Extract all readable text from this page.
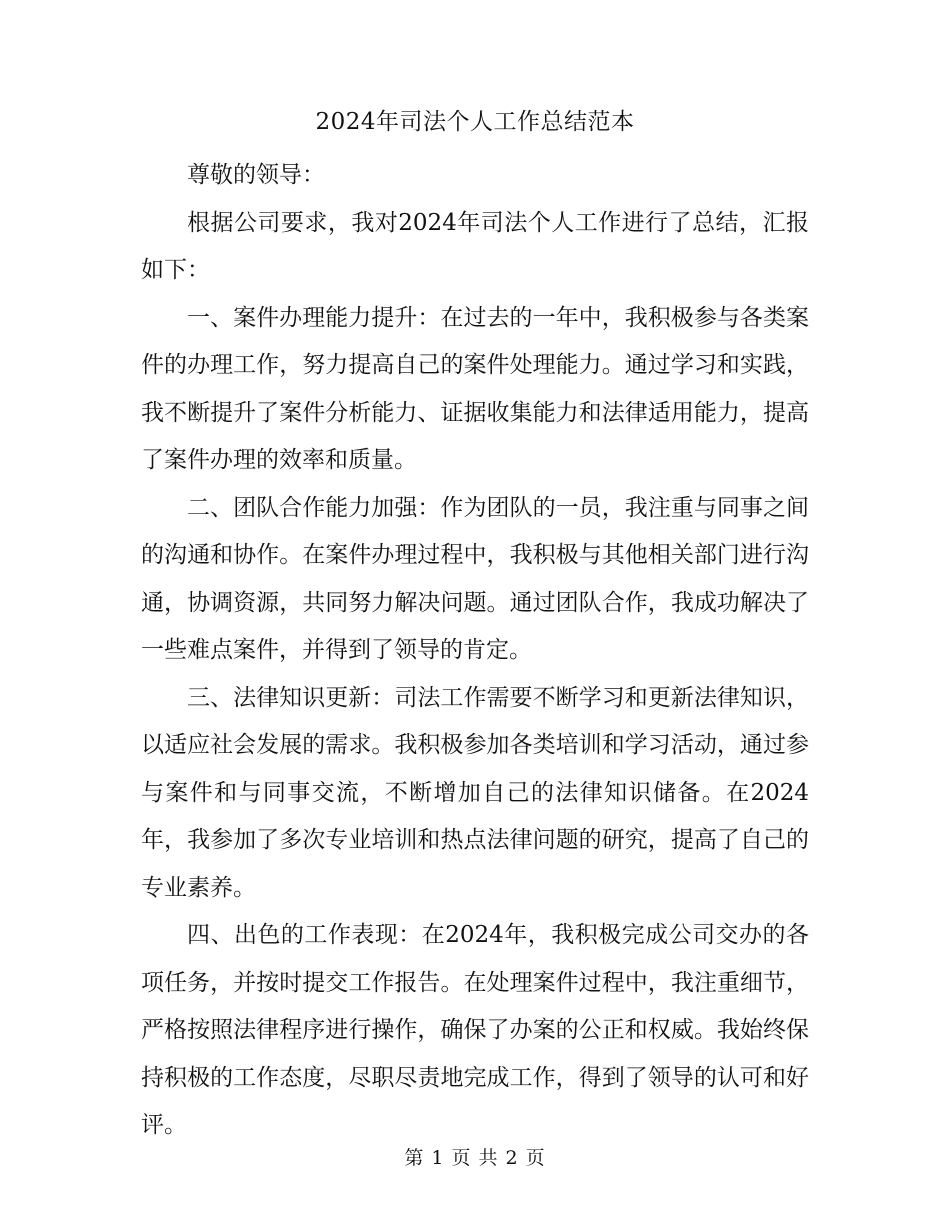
2024年司法个人工作总结范本

尊敬的领导：

根据公司要求，我对2024年司法个人工作进行了总结，汇报如下：

一、案件办理能力提升：在过去的一年中，我积极参与各类案件的办理工作，努力提高自己的案件处理能力。通过学习和实践，我不断提升了案件分析能力、证据收集能力和法律适用能力，提高了案件办理的效率和质量。

二、团队合作能力加强：作为团队的一员，我注重与同事之间的沟通和协作。在案件办理过程中，我积极与其他相关部门进行沟通，协调资源，共同努力解决问题。通过团队合作，我成功解决了一些难点案件，并得到了领导的肯定。

三、法律知识更新：司法工作需要不断学习和更新法律知识，以适应社会发展的需求。我积极参加各类培训和学习活动，通过参与案件和与同事交流，不断增加自己的法律知识储备。在2024年，我参加了多次专业培训和热点法律问题的研究，提高了自己的专业素养。

四、出色的工作表现：在2024年，我积极完成公司交办的各项任务，并按时提交工作报告。在处理案件过程中，我注重细节，严格按照法律程序进行操作，确保了办案的公正和权威。我始终保持积极的工作态度，尽职尽责地完成工作，得到了领导的认可和好评。

第 1 页 共 2 页
